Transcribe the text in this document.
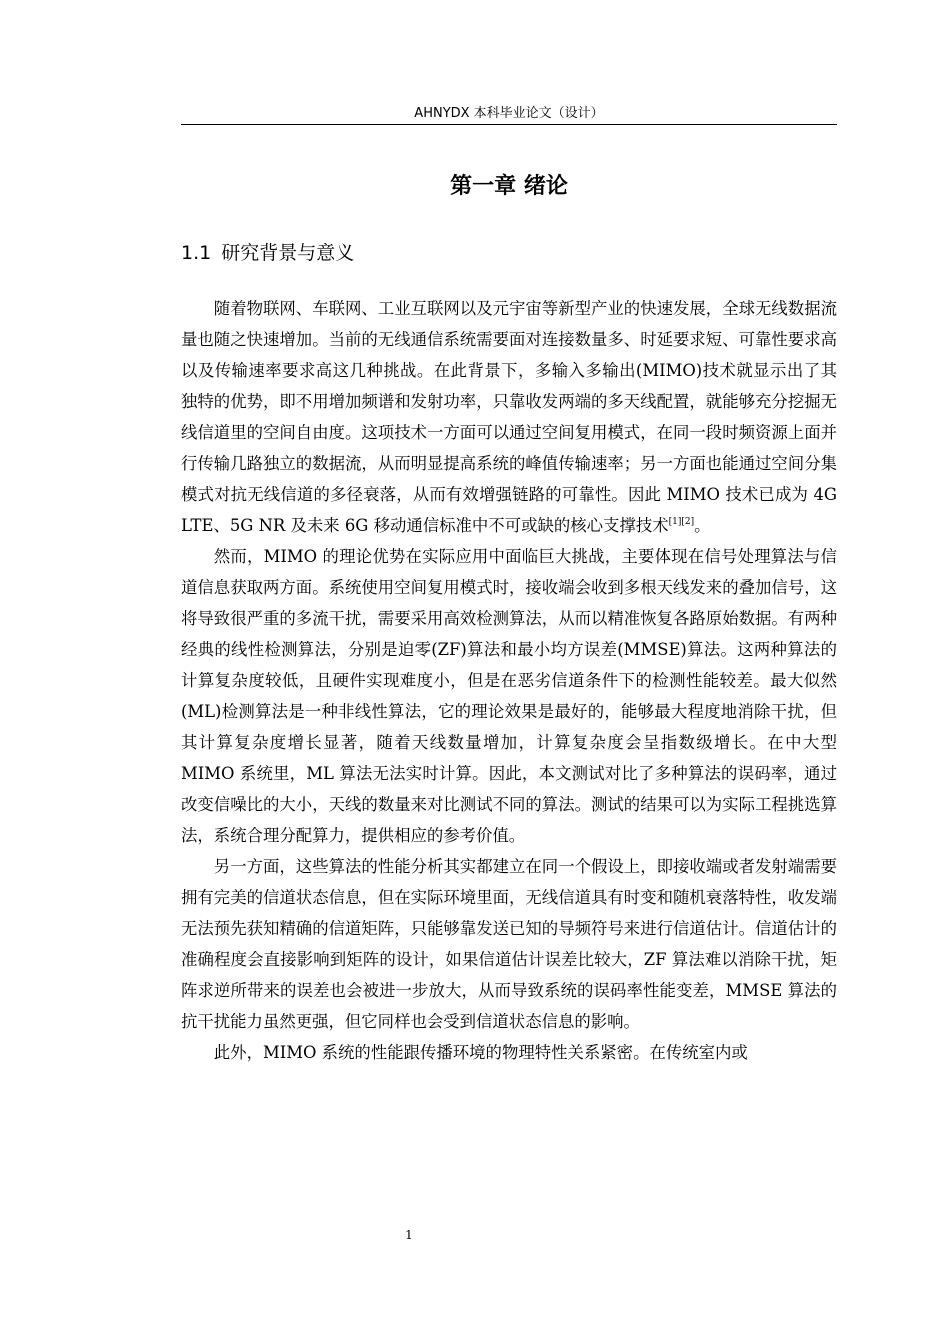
AHNYDX 本科毕业论文（设计）
第一章 绪论
1.1 研究背景与意义

随着物联网、车联网、工业互联网以及元宇宙等新型产业的快速发展，全球无线数据流量也随之快速增加。当前的无线通信系统需要面对连接数量多、时延要求短、可靠性要求高以及传输速率要求高这几种挑战。在此背景下，多输入多输出(MIMO)技术就显示出了其独特的优势，即不用增加频谱和发射功率，只靠收发两端的多天线配置，就能够充分挖掘无线信道里的空间自由度。这项技术一方面可以通过空间复用模式，在同一段时频资源上面并行传输几路独立的数据流，从而明显提高系统的峰值传输速率；另一方面也能通过空间分集模式对抗无线信道的多径衰落，从而有效增强链路的可靠性。因此 MIMO 技术已成为 4G LTE、5G NR 及未来 6G 移动通信标准中不可或缺的核心支撑技术[1][2]。

然而，MIMO 的理论优势在实际应用中面临巨大挑战，主要体现在信号处理算法与信道信息获取两方面。系统使用空间复用模式时，接收端会收到多根天线发来的叠加信号，这将导致很严重的多流干扰，需要采用高效检测算法，从而以精准恢复各路原始数据。有两种经典的线性检测算法，分别是迫零(ZF)算法和最小均方误差(MMSE)算法。这两种算法的计算复杂度较低，且硬件实现难度小，但是在恶劣信道条件下的检测性能较差。最大似然(ML)检测算法是一种非线性算法，它的理论效果是最好的，能够最大程度地消除干扰，但其计算复杂度增长显著，随着天线数量增加，计算复杂度会呈指数级增长。在中大型 MIMO 系统里，ML 算法无法实时计算。因此，本文测试对比了多种算法的误码率，通过改变信噪比的大小，天线的数量来对比测试不同的算法。测试的结果可以为实际工程挑选算法，系统合理分配算力，提供相应的参考价值。

另一方面，这些算法的性能分析其实都建立在同一个假设上，即接收端或者发射端需要拥有完美的信道状态信息，但在实际环境里面，无线信道具有时变和随机衰落特性，收发端无法预先获知精确的信道矩阵，只能够靠发送已知的导频符号来进行信道估计。信道估计的准确程度会直接影响到矩阵的设计，如果信道估计误差比较大，ZF 算法难以消除干扰，矩阵求逆所带来的误差也会被进一步放大，从而导致系统的误码率性能变差，MMSE 算法的抗干扰能力虽然更强，但它同样也会受到信道状态信息的影响。

此外，MIMO 系统的性能跟传播环境的物理特性关系紧密。在传统室内或

1
